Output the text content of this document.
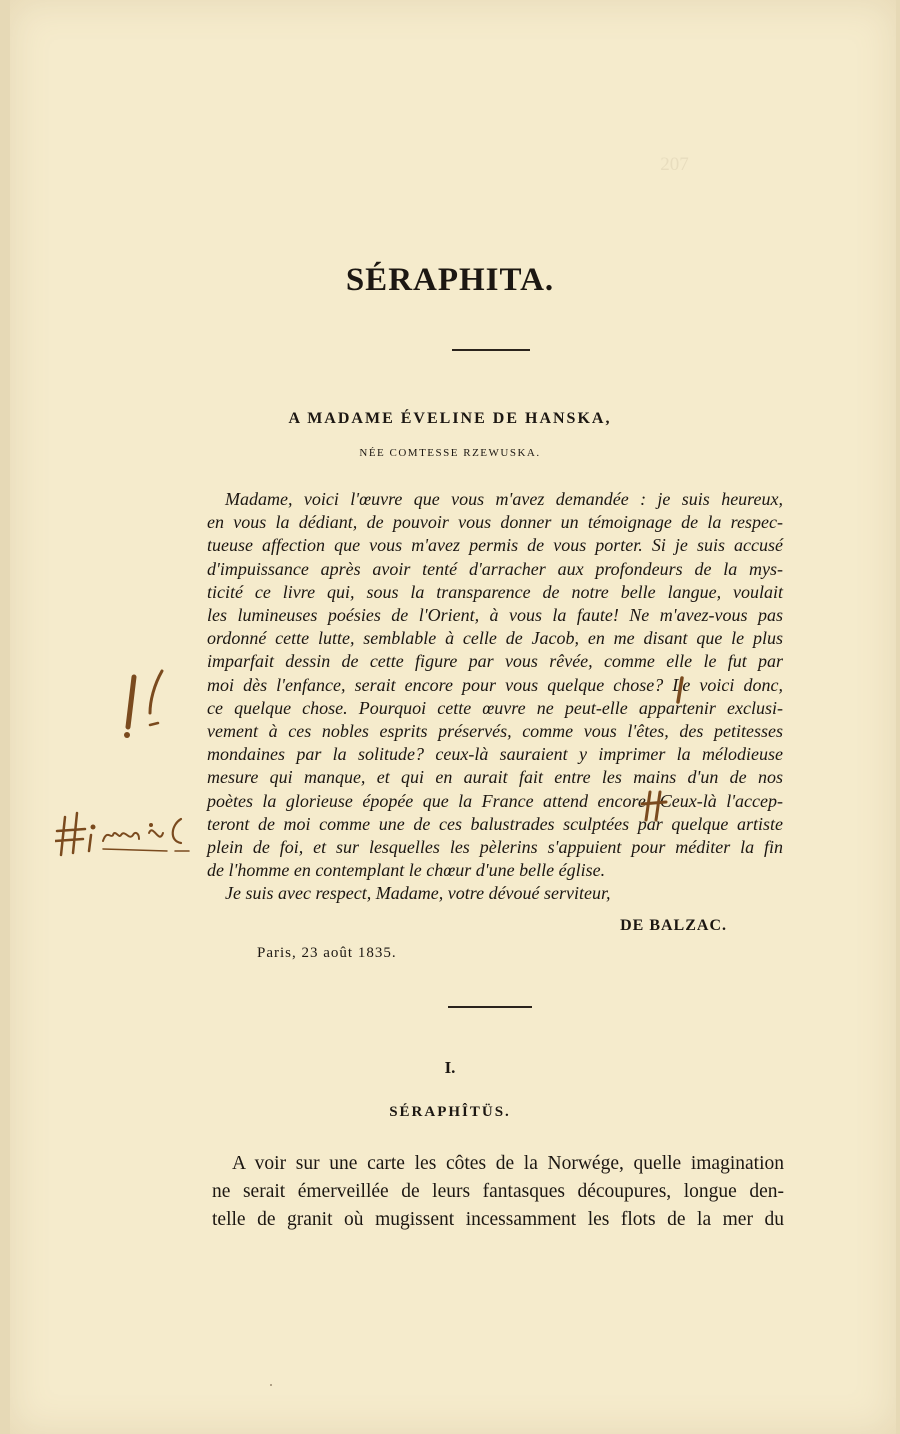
SÉRAPHITA.
A MADAME ÉVELINE DE HANSKA,
NÉE COMTESSE RZEWUSKA.
Madame, voici l'œuvre que vous m'avez demandée : je suis heureux,
en vous la dédiant, de pouvoir vous donner un témoignage de la respec-
tueuse affection que vous m'avez permis de vous porter. Si je suis accusé
d'impuissance après avoir tenté d'arracher aux profondeurs de la mys-
ticité ce livre qui, sous la transparence de notre belle langue, voulait
les lumineuses poésies de l'Orient, à vous la faute! Ne m'avez-vous pas
ordonné cette lutte, semblable à celle de Jacob, en me disant que le plus
imparfait dessin de cette figure par vous rêvée, comme elle le fut par
moi dès l'enfance, serait encore pour vous quelque chose? Le voici donc,
ce quelque chose. Pourquoi cette œuvre ne peut-elle appartenir exclusi-
vement à ces nobles esprits préservés, comme vous l'êtes, des petitesses
mondaines par la solitude? ceux-là sauraient y imprimer la mélodieuse
mesure qui manque, et qui en aurait fait entre les mains d'un de nos
poètes la glorieuse épopée que la France attend encore. Ceux-là l'accep-
teront de moi comme une de ces balustrades sculptées par quelque artiste
plein de foi, et sur lesquelles les pèlerins s'appuient pour méditer la fin
de l'homme en contemplant le chœur d'une belle église.
Je suis avec respect, Madame, votre dévoué serviteur,
DE BALZAC.
Paris, 23 août 1835.
I.
SÉRAPHÎTÜS.
A voir sur une carte les côtes de la Norwége, quelle imagination
ne serait émerveillée de leurs fantasques découpures, longue den-
telle de granit où mugissent incessamment les flots de la mer du
